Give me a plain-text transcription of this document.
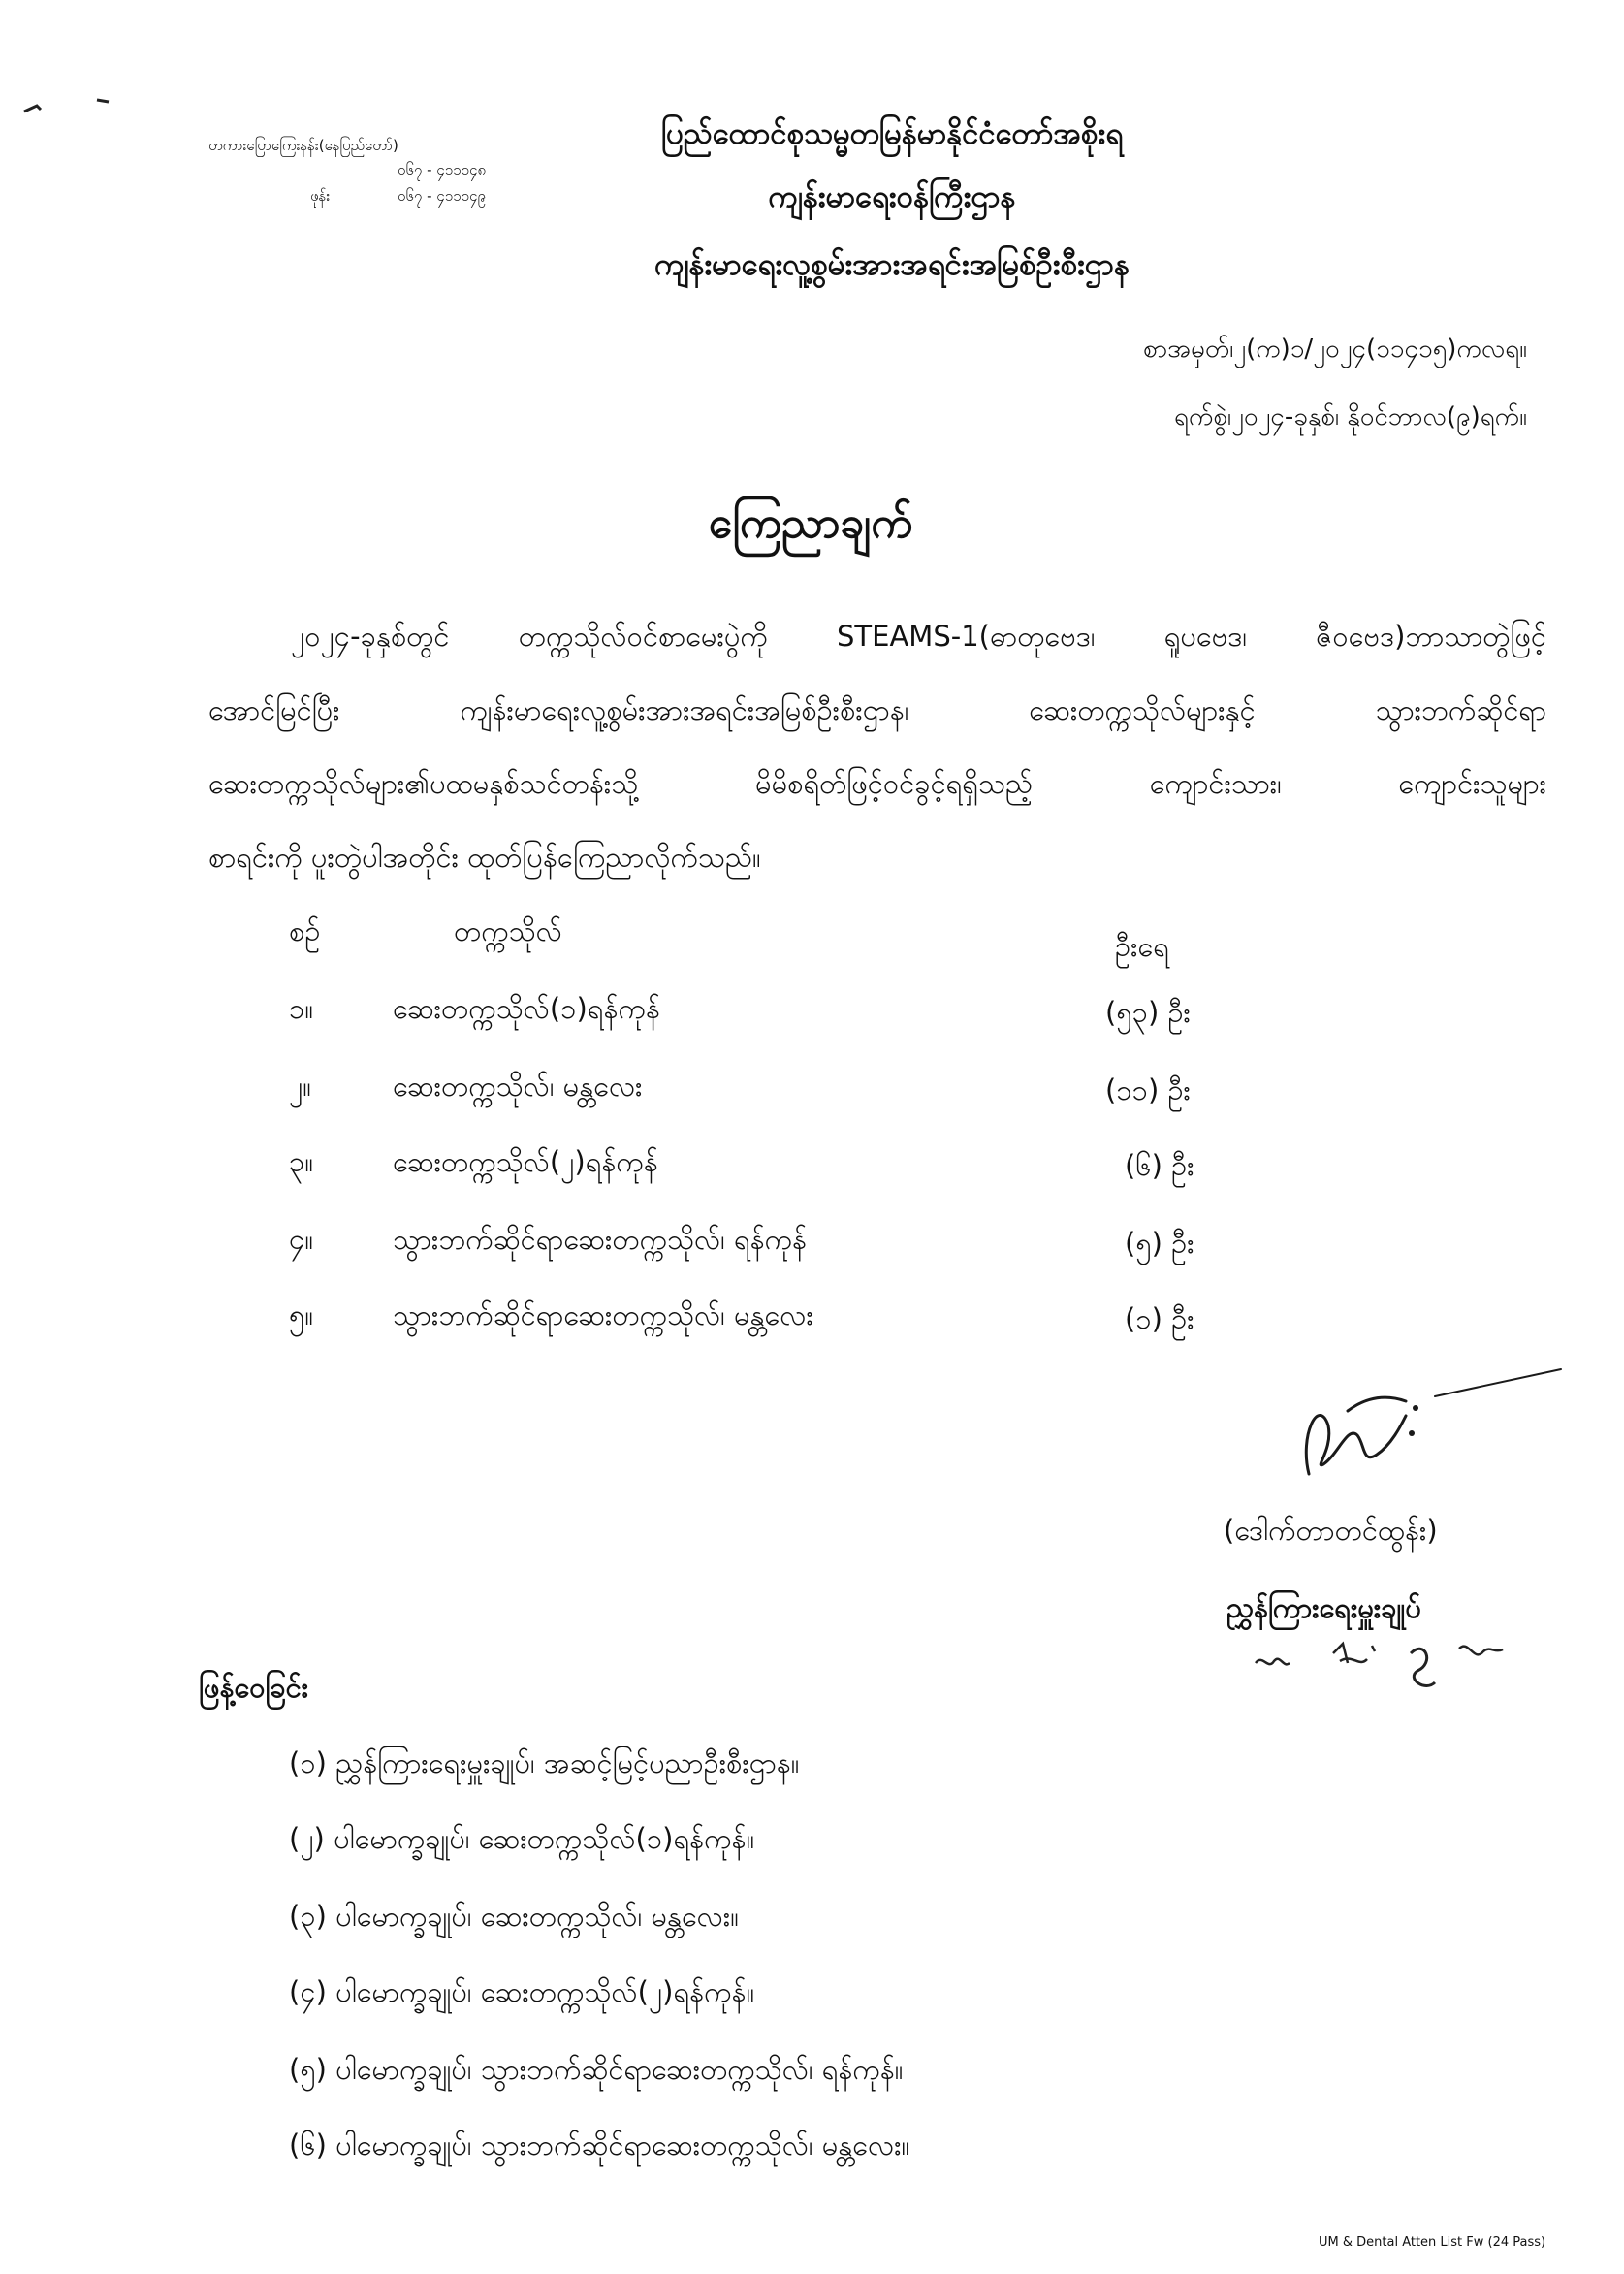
တကားပြောကြေးနန်း(နေပြည်တော်)
၀၆၇ - ၄၁၁၁၄၈
ဖုန်း	၀၆၇ - ၄၁၁၁၄၉
ပြည်ထောင်စုသမ္မတမြန်မာနိုင်ငံတော်အစိုးရ
ကျန်းမာရေးဝန်ကြီးဌာန
ကျန်းမာရေးလူ့စွမ်းအားအရင်းအမြစ်ဦးစီးဌာန
စာအမှတ်၊၂(က)၁/၂၀၂၄(၁၁၄၁၅)ကလရ။
ရက်စွဲ၊၂၀၂၄-ခုနှစ်၊ နိုဝင်ဘာလ(၉)ရက်။
ကြေညာချက်
၂၀၂၄-ခုနှစ်တွင် တက္ကသိုလ်ဝင်စာမေးပွဲကို STEAMS-1(ဓာတုဗေဒ၊ ရူပဗေဒ၊ ဇီဝဗေဒ)ဘာသာတွဲဖြင့်
အောင်မြင်ပြီး ကျန်းမာရေးလူ့စွမ်းအားအရင်းအမြစ်ဦးစီးဌာန၊ ဆေးတက္ကသိုလ်များနှင့် သွားဘက်ဆိုင်ရာ
ဆေးတက္ကသိုလ်များ၏ပထမနှစ်သင်တန်းသို့ မိမိစရိတ်ဖြင့်ဝင်ခွင့်ရရှိသည့် ကျောင်းသား၊ ကျောင်းသူများ
စာရင်းကို ပူးတွဲပါအတိုင်း ထုတ်ပြန်ကြေညာလိုက်သည်။
စဉ်	တက္ကသိုလ်	ဦးရေ
၁။	ဆေးတက္ကသိုလ်(၁)ရန်ကုန်	(၅၃) ဦး
၂။	ဆေးတက္ကသိုလ်၊ မန္တလေး	(၁၁) ဦး
၃။	ဆေးတက္ကသိုလ်(၂)ရန်ကုန်	(၆) ဦး
၄။	သွားဘက်ဆိုင်ရာဆေးတက္ကသိုလ်၊ ရန်ကုန်	(၅) ဦး
၅။	သွားဘက်ဆိုင်ရာဆေးတက္ကသိုလ်၊ မန္တလေး	(၁) ဦး
(ဒေါက်တာတင်ထွန်း)
ညွှန်ကြားရေးမှူးချုပ်
ဖြန့်ဝေခြင်း
(၁) ညွှန်ကြားရေးမှူးချုပ်၊ အဆင့်မြင့်ပညာဦးစီးဌာန။
(၂) ပါမောက္ခချုပ်၊ ဆေးတက္ကသိုလ်(၁)ရန်ကုန်။
(၃) ပါမောက္ခချုပ်၊ ဆေးတက္ကသိုလ်၊ မန္တလေး။
(၄) ပါမောက္ခချုပ်၊ ဆေးတက္ကသိုလ်(၂)ရန်ကုန်။
(၅) ပါမောက္ခချုပ်၊ သွားဘက်ဆိုင်ရာဆေးတက္ကသိုလ်၊ ရန်ကုန်။
(၆) ပါမောက္ခချုပ်၊ သွားဘက်ဆိုင်ရာဆေးတက္ကသိုလ်၊ မန္တလေး။
UM & Dental Atten List Fw (24 Pass)
